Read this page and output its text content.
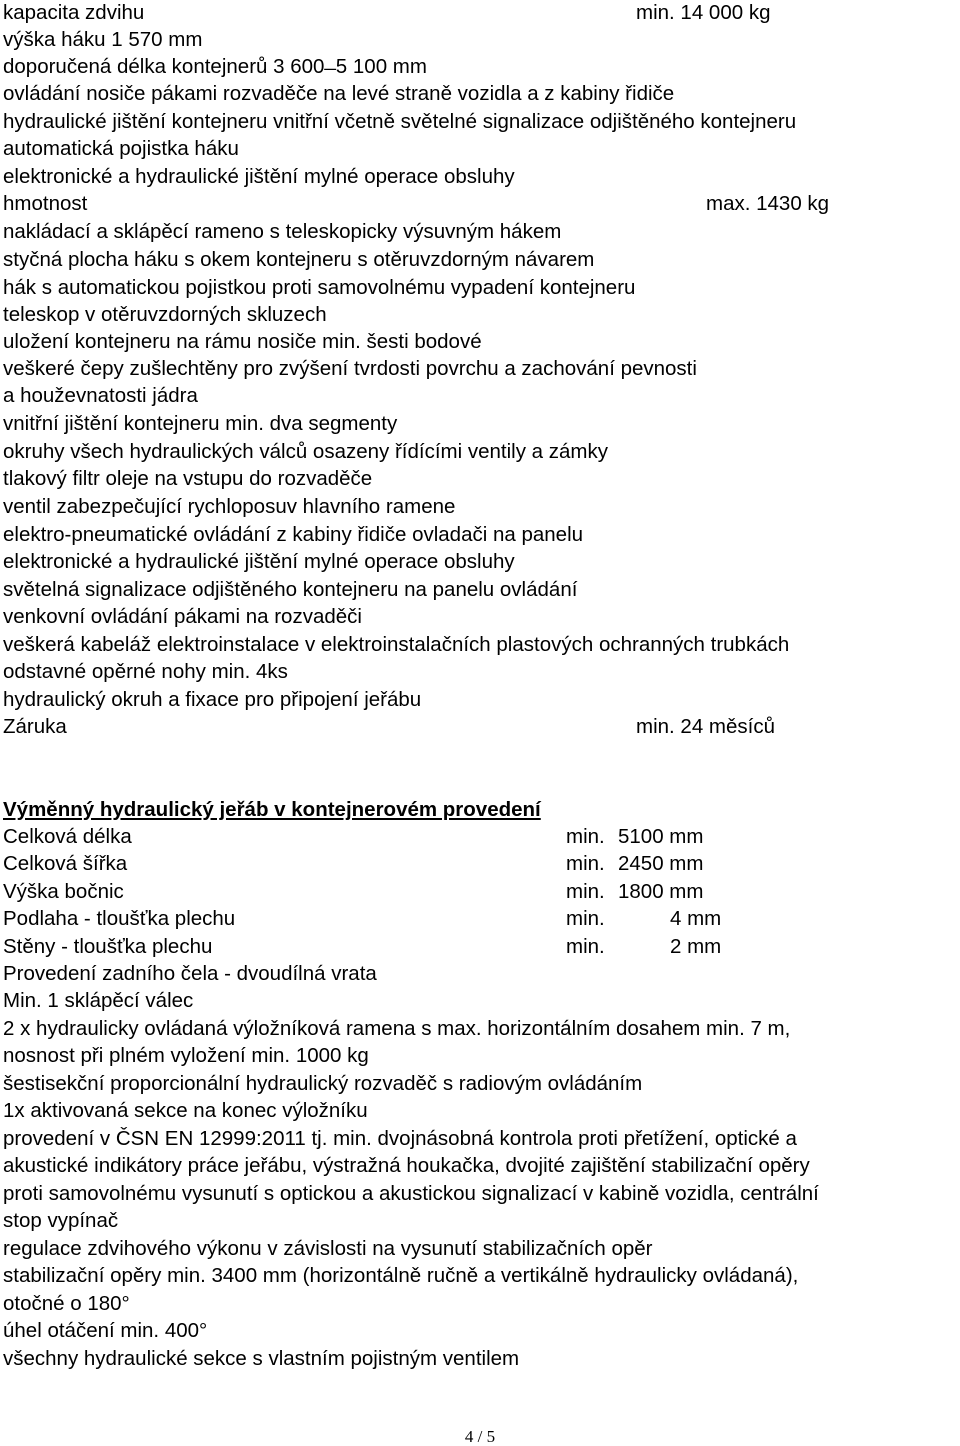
kapacita zdvihu	min. 14 000 kg
výška háku 1 570 mm
doporučená délka kontejnerů 3 600 ̶ 5 100 mm
ovládání nosiče pákami rozvaděče na levé straně vozidla a z kabiny řidiče
hydraulické jištění kontejneru vnitřní včetně světelné signalizace odjištěného kontejneru
automatická pojistka háku
elektronické a hydraulické jištění mylné operace obsluhy
hmotnost	max. 1430 kg
nakládací a sklápěcí rameno s teleskopicky výsuvným hákem
styčná plocha háku s okem kontejneru s otěruvzdorným návarem
hák s automatickou pojistkou proti samovolnému vypadení kontejneru
teleskop v otěruvzdorných skluzech
uložení kontejneru na rámu nosiče min. šesti bodové
veškeré čepy zušlechtěny pro zvýšení tvrdosti povrchu a zachování pevnosti
a houževnatosti jádra
vnitřní jištění kontejneru min. dva segmenty
okruhy všech hydraulických válců osazeny řídícími ventily a zámky
tlakový filtr oleje na vstupu do rozvaděče
ventil zabezpečující rychloposuv hlavního ramene
elektro-pneumatické ovládání z kabiny řidiče ovladači na panelu
elektronické a hydraulické jištění mylné operace obsluhy
světelná signalizace odjištěného kontejneru na panelu ovládání
venkovní ovládání pákami na rozvaděči
veškerá kabeláž elektroinstalace v elektroinstalačních plastových ochranných trubkách
odstavné opěrné nohy min. 4ks
hydraulický okruh a fixace pro připojení jeřábu
Záruka	min. 24 měsíců
Výměnný hydraulický jeřáb v kontejnerovém provedení
Celková délka	min. 5100 mm
Celková šířka	min. 2450 mm
Výška bočnic	min. 1800 mm
Podlaha - tloušťka plechu	min.	4 mm
Stěny - tloušťka plechu	min.	2 mm
Provedení zadního čela - dvoudílná vrata
Min. 1 sklápěcí válec
2 x hydraulicky ovládaná výložníková ramena s max. horizontálním dosahem min. 7 m,
nosnost při plném vyložení min. 1000 kg
šestisekční proporcionální hydraulický rozvaděč s radiovým ovládáním
1x aktivovaná sekce na konec výložníku
provedení v ČSN EN 12999:2011 tj. min. dvojnásobná kontrola proti přetížení, optické a
akustické indikátory práce jeřábu, výstražná houkačka, dvojité zajištění stabilizační opěry
proti samovolnému vysunutí s optickou a akustickou signalizací v kabině vozidla, centrální
stop vypínač
regulace zdvihového výkonu v závislosti na vysunutí stabilizačních opěr
stabilizační opěry min. 3400 mm (horizontálně ručně a vertikálně hydraulicky ovládaná),
otočné o 180°
úhel otáčení min. 400°
všechny hydraulické sekce s vlastním pojistným ventilem
4 / 5
